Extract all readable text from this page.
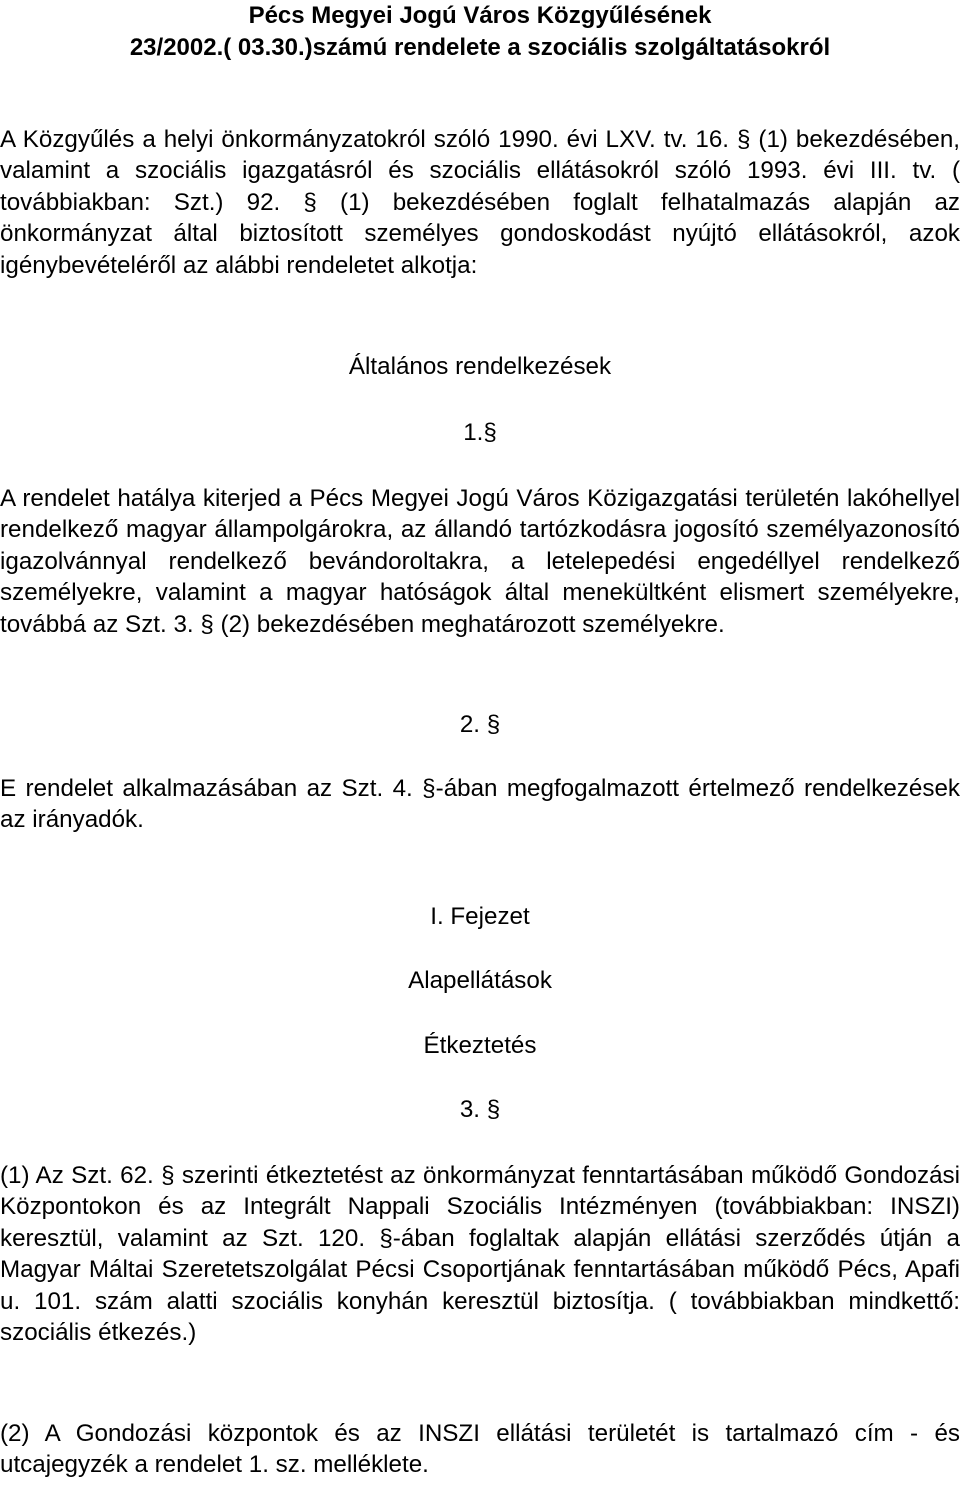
Pécs Megyei Jogú Város Közgyűlésének

23/2002.( 03.30.)számú rendelete a szociális szolgáltatásokról

A Közgyűlés a helyi önkormányzatokról szóló 1990. évi LXV. tv. 16. § (1) bekezdésében, valamint a szociális igazgatásról és szociális ellátásokról szóló 1993. évi III. tv. ( továbbiakban: Szt.) 92. § (1) bekezdésében foglalt felhatalmazás alapján az önkormányzat által biztosított személyes gondoskodást nyújtó ellátásokról, azok igénybevételéről az alábbi rendeletet alkotja:

Általános rendelkezések

1.§

A rendelet hatálya kiterjed a Pécs Megyei Jogú Város Közigazgatási területén lakóhellyel rendelkező magyar állampolgárokra, az állandó tartózkodásra jogosító személyazonosító igazolvánnyal rendelkező bevándoroltakra, a letelepedési engedéllyel rendelkező személyekre, valamint a magyar hatóságok által menekültként elismert személyekre, továbbá az Szt. 3. § (2) bekezdésében meghatározott személyekre.

2. §

E rendelet alkalmazásában az Szt. 4. §-ában megfogalmazott értelmező rendelkezések az irányadók.

I. Fejezet

Alapellátások

Étkeztetés

3. §

(1) Az Szt. 62. § szerinti étkeztetést az önkormányzat fenntartásában működő Gondozási Központokon és az Integrált Nappali Szociális Intézményen (továbbiakban: INSZI) keresztül, valamint az Szt. 120. §-ában foglaltak alapján ellátási szerződés útján a Magyar Máltai Szeretetszolgálat Pécsi Csoportjának fenntartásában működő Pécs, Apafi u. 101. szám alatti szociális konyhán keresztül biztosítja. ( továbbiakban mindkettő: szociális étkezés.)

(2) A Gondozási központok és az INSZI ellátási területét is tartalmazó cím - és utcajegyzék a rendelet 1. sz. melléklete.
